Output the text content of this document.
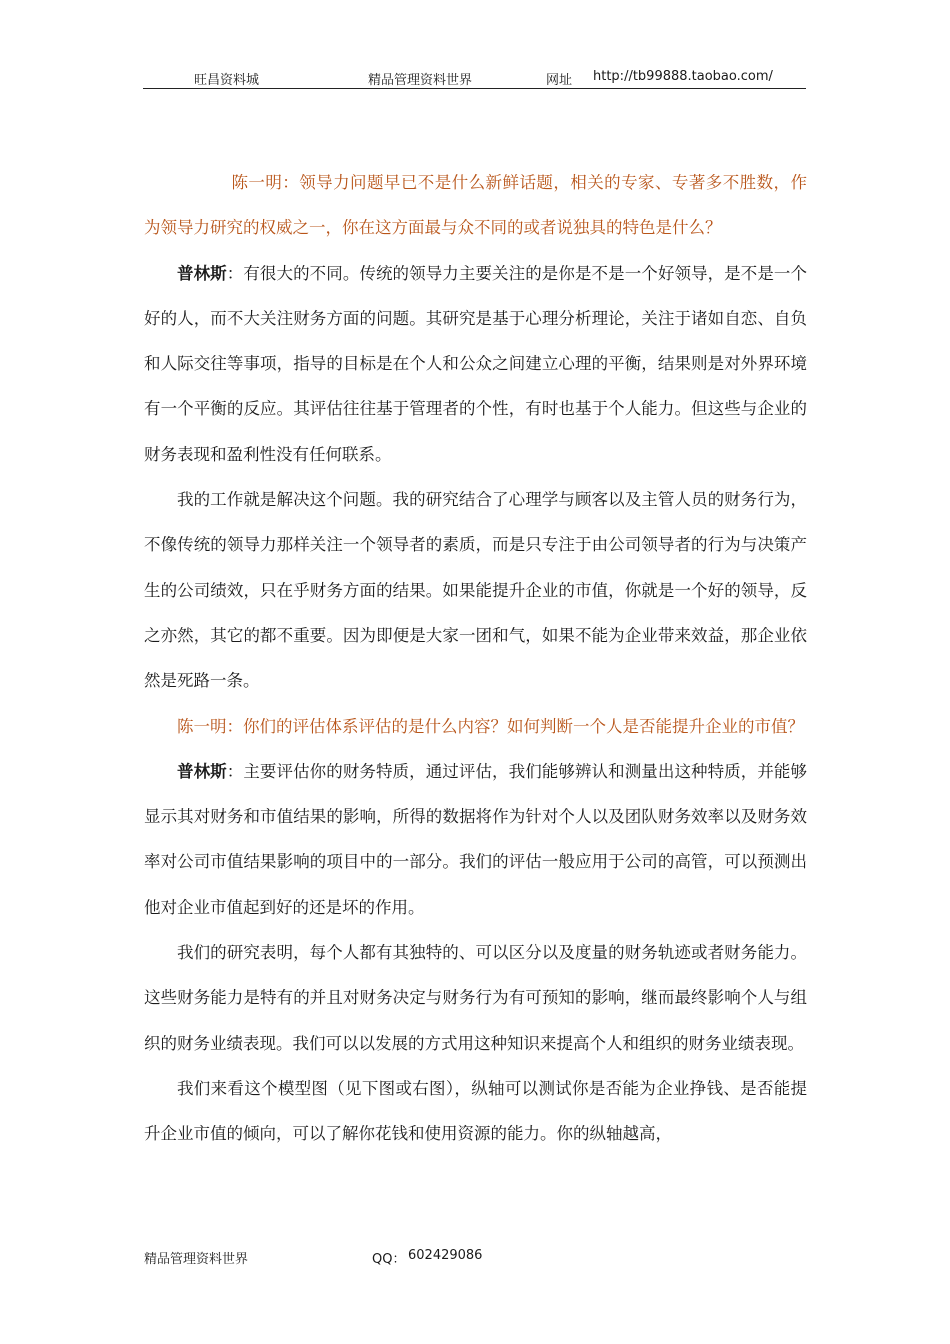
旺昌资料城	精品管理资料世界	网址 http://tb99888.taobao.com/

陈一明：领导力问题早已不是什么新鲜话题，相关的专家、专著多不胜数，作为领导力研究的权威之一，你在这方面最与众不同的或者说独具的特色是什么？

普林斯：有很大的不同。传统的领导力主要关注的是你是不是一个好领导，是不是一个好的人，而不大关注财务方面的问题。其研究是基于心理分析理论，关注于诸如自恋、自负和人际交往等事项，指导的目标是在个人和公众之间建立心理的平衡，结果则是对外界环境有一个平衡的反应。其评估往往基于管理者的个性，有时也基于个人能力。但这些与企业的财务表现和盈利性没有任何联系。

我的工作就是解决这个问题。我的研究结合了心理学与顾客以及主管人员的财务行为，不像传统的领导力那样关注一个领导者的素质，而是只专注于由公司领导者的行为与决策产生的公司绩效，只在乎财务方面的结果。如果能提升企业的市值，你就是一个好的领导，反之亦然，其它的都不重要。因为即便是大家一团和气，如果不能为企业带来效益，那企业依然是死路一条。

陈一明：你们的评估体系评估的是什么内容？如何判断一个人是否能提升企业的市值？

普林斯：主要评估你的财务特质，通过评估，我们能够辨认和测量出这种特质，并能够显示其对财务和市值结果的影响，所得的数据将作为针对个人以及团队财务效率以及财务效率对公司市值结果影响的项目中的一部分。我们的评估一般应用于公司的高管，可以预测出他对企业市值起到好的还是坏的作用。

我们的研究表明，每个人都有其独特的、可以区分以及度量的财务轨迹或者财务能力。这些财务能力是特有的并且对财务决定与财务行为有可预知的影响，继而最终影响个人与组织的财务业绩表现。我们可以以发展的方式用这种知识来提高个人和组织的财务业绩表现。

我们来看这个模型图（见下图或右图），纵轴可以测试你是否能为企业挣钱、是否能提升企业市值的倾向，可以了解你花钱和使用资源的能力。你的纵轴越高，

精品管理资料世界	QQ： 602429086
